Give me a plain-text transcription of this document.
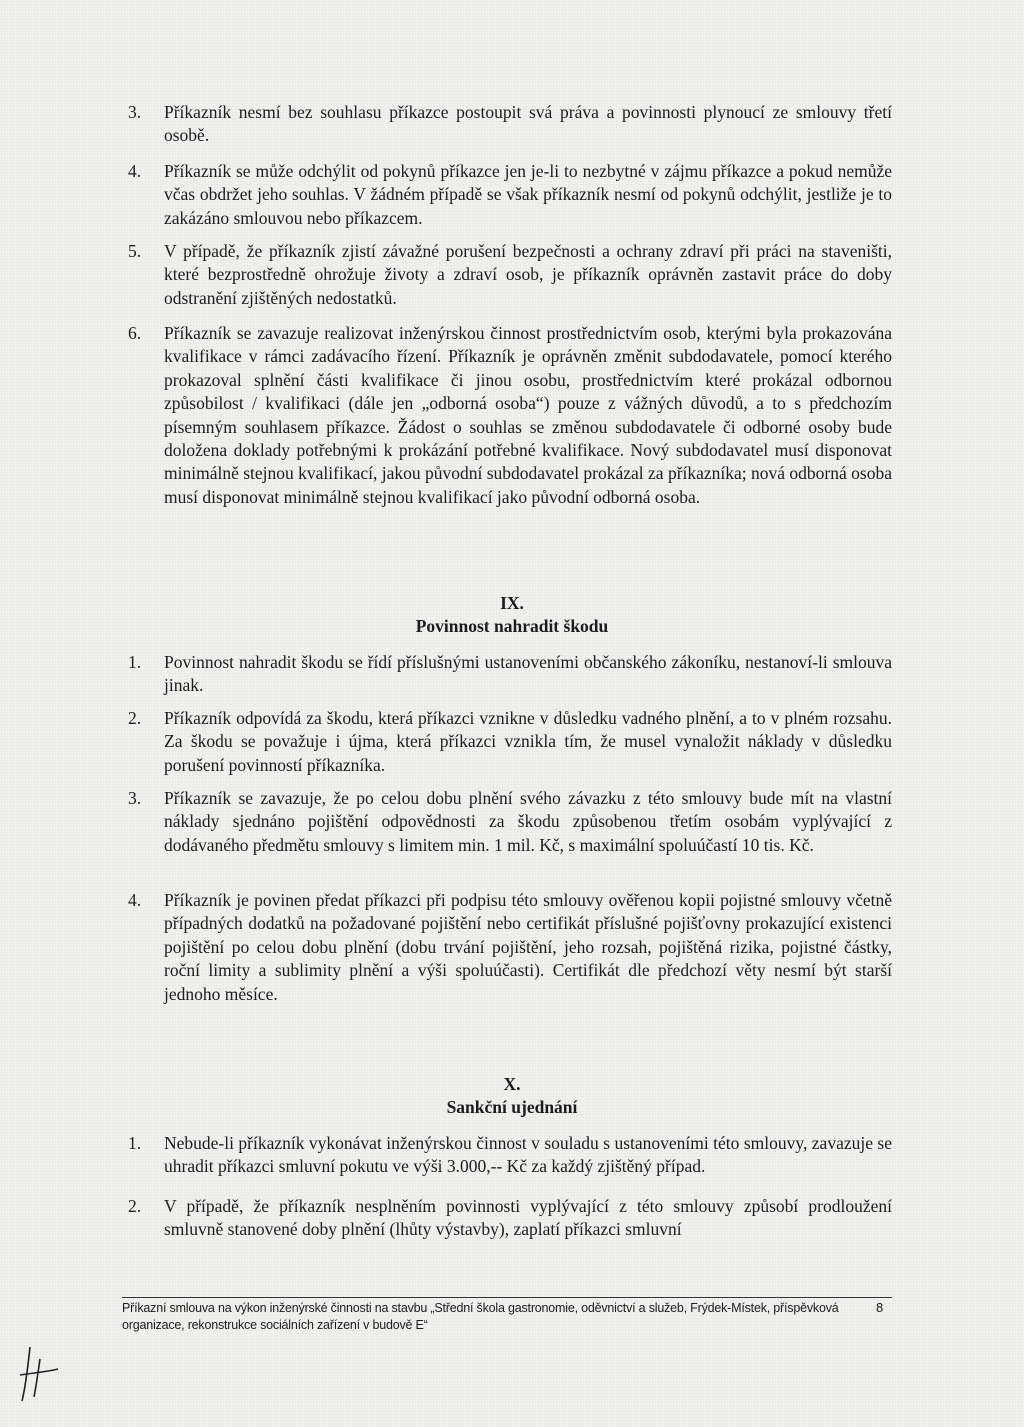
3.	Příkazník nesmí bez souhlasu příkazce postoupit svá práva a povinnosti plynoucí ze smlouvy třetí osobě.
4.	Příkazník se může odchýlit od pokynů příkazce jen je-li to nezbytné v zájmu příkazce a pokud nemůže včas obdržet jeho souhlas. V žádném případě se však příkazník nesmí od pokynů odchýlit, jestliže je to zakázáno smlouvou nebo příkazcem.
5.	V případě, že příkazník zjistí závažné porušení bezpečnosti a ochrany zdraví při práci na staveništi, které bezprostředně ohrožuje životy a zdraví osob, je příkazník oprávněn zastavit práce do doby odstranění zjištěných nedostatků.
6.	Příkazník se zavazuje realizovat inženýrskou činnost prostřednictvím osob, kterými byla prokazována kvalifikace v rámci zadávacího řízení. Příkazník je oprávněn změnit subdodavatele, pomocí kterého prokazoval splnění části kvalifikace či jinou osobu, prostřednictvím které prokázal odbornou způsobilost / kvalifikaci (dále jen „odborná osoba“) pouze z vážných důvodů, a to s předchozím písemným souhlasem příkazce. Žádost o souhlas se změnou subdodavatele či odborné osoby bude doložena doklady potřebnými k prokázání potřebné kvalifikace. Nový subdodavatel musí disponovat minimálně stejnou kvalifikací, jakou původní subdodavatel prokázal za příkazníka; nová odborná osoba musí disponovat minimálně stejnou kvalifikací jako původní odborná osoba.
IX.
Povinnost nahradit škodu
1.	Povinnost nahradit škodu se řídí příslušnými ustanoveními občanského zákoníku, nestanoví-li smlouva jinak.
2.	Příkazník odpovídá za škodu, která příkazci vznikne v důsledku vadného plnění, a to v plném rozsahu. Za škodu se považuje i újma, která příkazci vznikla tím, že musel vynaložit náklady v důsledku porušení povinností příkazníka.
3.	Příkazník se zavazuje, že po celou dobu plnění svého závazku z této smlouvy bude mít na vlastní náklady sjednáno pojištění odpovědnosti za škodu způsobenou třetím osobám vyplývající z dodávaného předmětu smlouvy s limitem min. 1 mil. Kč, s maximální spoluúčastí 10 tis. Kč.
4.	Příkazník je povinen předat příkazci při podpisu této smlouvy ověřenou kopii pojistné smlouvy včetně případných dodatků na požadované pojištění nebo certifikát příslušné pojišťovny prokazující existenci pojištění po celou dobu plnění (dobu trvání pojištění, jeho rozsah, pojištěná rizika, pojistné částky, roční limity a sublimity plnění a výši spoluúčasti). Certifikát dle předchozí věty nesmí být starší jednoho měsíce.
X.
Sankční ujednání
1.	Nebude-li příkazník vykonávat inženýrskou činnost v souladu s ustanoveními této smlouvy, zavazuje se uhradit příkazci smluvní pokutu ve výši 3.000,-- Kč za každý zjištěný případ.
2.	V případě, že příkazník nesplněním povinnosti vyplývající z této smlouvy způsobí prodloužení smluvně stanovené doby plnění (lhůty výstavby), zaplatí příkazci smluvní
Příkazní smlouva na výkon inženýrské činnosti na stavbu „Střední škola gastronomie, oděvnictví a služeb, Frýdek-Místek, příspěvková organizace, rekonstrukce sociálních zařízení v budově E“
8
